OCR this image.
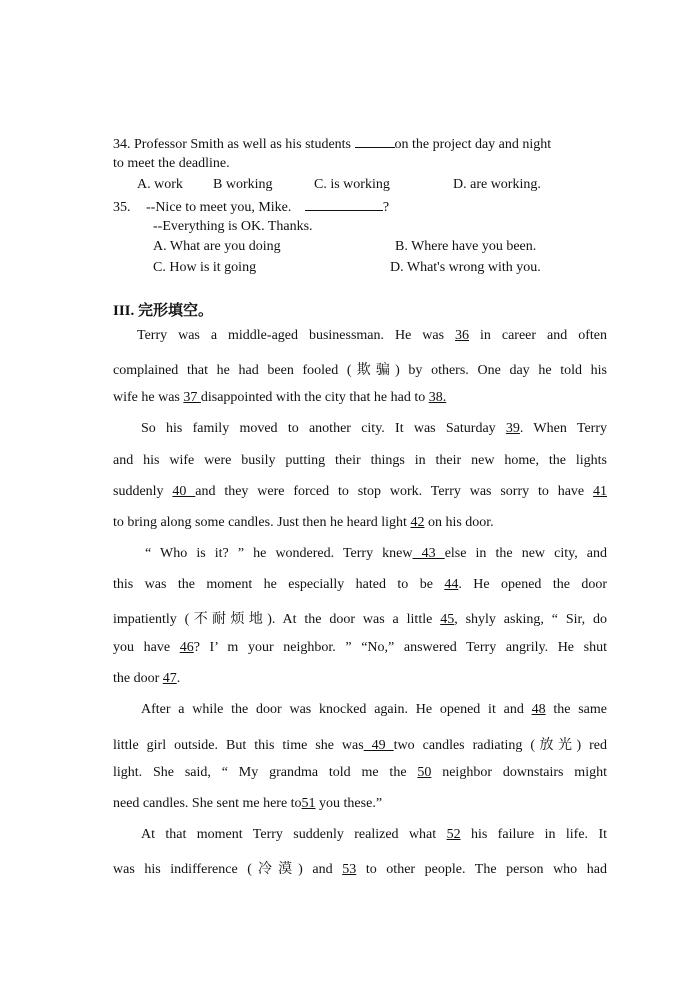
34. Professor Smith as well as his students	on the project day and night
to meet the deadline.
A. work B working	C. is working	D. are working.
35. --Nice to meet you, Mike.	?
--Everything is OK. Thanks.
A. What are you doing	B. Where have you been.
C. How is it going	D. What's wrong with you.
III. 完形填空。
Terry was a middle-aged businessman. He was 36 in career and often
complained that he had been fooled (欺骗) by others. One day he told his
wife he was 37 disappointed with the city that he had to 38.
So his family moved to another city. It was Saturday 39. When Terry
and his wife were busily putting their things in their new home, the lights
suddenly 40 and they were forced to stop work. Terry was sorry to have 41
to bring along some candles. Just then he heard light 42 on his door.
“ Who is it? ” he wondered. Terry knew 43 else in the new city, and
this was the moment he especially hated to be 44. He opened the door
impatiently (不耐烦地). At the door was a little 45, shyly asking, “ Sir, do
you have 46? I’ m your neighbor. ” “No,” answered Terry angrily. He shut
the door 47.
After a while the door was knocked again. He opened it and 48 the same
little girl outside. But this time she was 49 two candles radiating (放光) red
light. She said, “ My grandma told me the 50 neighbor downstairs might
need candles. She sent me here to51 you these.”
At that moment Terry suddenly realized what 52 his failure in life. It
was his indifference (冷漠) and 53 to other people. The person who had
